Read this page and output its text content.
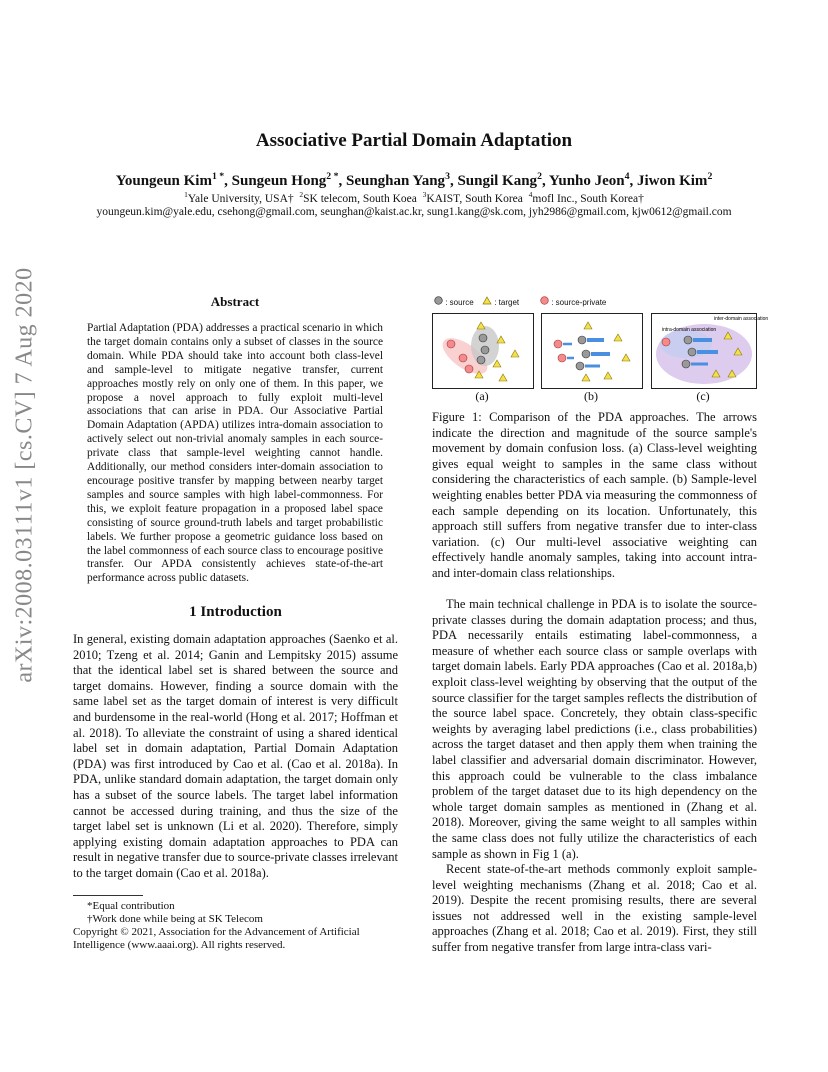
arXiv:2008.03111v1 [cs.CV] 7 Aug 2020
Associative Partial Domain Adaptation
Youngeun Kim$^{1 *}$, Sungeun Hong$^{2 *}$, Seunghan Yang$^3$, Sungil Kang$^2$, Yunho Jeon$^4$, Jiwon Kim$^2$
$^1$Yale University, USA† $^2$SK telecom, South Koea $^3$KAIST, South Korea $^4$mofl Inc., South Korea†
youngeun.kim@yale.edu, csehong@gmail.com, seunghan@kaist.ac.kr, sung1.kang@sk.com, jyh2986@gmail.com, kjw0612@gmail.com
Abstract

Partial Adaptation (PDA) addresses a practical scenario in which the target domain contains only a subset of classes in the source domain. While PDA should take into account both class-level and sample-level to mitigate negative transfer, current approaches mostly rely on only one of them. In this paper, we propose a novel approach to fully exploit multi-level associations that can arise in PDA. Our Associative Partial Domain Adaptation (APDA) utilizes intra-domain association to actively select out non-trivial anomaly samples in each source-private class that sample-level weighting cannot handle. Additionally, our method considers inter-domain association to encourage positive transfer by mapping between nearby target samples and source samples with high label-commonness. For this, we exploit feature propagation in a proposed label space consisting of source ground-truth labels and target probabilistic labels. We further propose a geometric guidance loss based on the label commonness of each source class to encourage positive transfer. Our APDA consistently achieves state-of-the-art performance across public datasets.

1 Introduction

In general, existing domain adaptation approaches (Saenko et al. 2010; Tzeng et al. 2014; Ganin and Lempitsky 2015) assume that the identical label set is shared between the source and target domains. However, finding a source domain with the same label set as the target domain of interest is very difficult and burdensome in the real-world (Hong et al. 2017; Hoffman et al. 2018). To alleviate the constraint of using a shared identical label set in domain adaptation, Partial Domain Adaptation (PDA) was first introduced by Cao et al. (Cao et al. 2018a). In PDA, unlike standard domain adaptation, the target domain only has a subset of the source labels. The target label information cannot be accessed during training, and thus the size of the target label set is unknown (Li et al. 2020). Therefore, simply applying existing domain adaptation approaches to PDA can result in negative transfer due to source-private classes irrelevant to the target domain (Cao et al. 2018a).

*Equal contribution
†Work done while being at SK Telecom
Copyright © 2021, Association for the Advancement of Artificial Intelligence (www.aaai.org). All rights reserved.
: source	: target	: source-private
(a)	(b)
inter-domain association
intra-domain association
(c)

Figure 1: Comparison of the PDA approaches. The arrows indicate the direction and magnitude of the source sample's movement by domain confusion loss. (a) Class-level weighting gives equal weight to samples in the same class without considering the characteristics of each sample. (b) Sample-level weighting enables better PDA via measuring the commonness of each sample depending on its location. Unfortunately, this approach still suffers from negative transfer due to inter-class variation. (c) Our multi-level associative weighting can effectively handle anomaly samples, taking into account intra- and inter-domain class relationships.

The main technical challenge in PDA is to isolate the source-private classes during the domain adaptation process; and thus, PDA necessarily entails estimating label-commonness, a measure of whether each source class or sample overlaps with target domain labels. Early PDA approaches (Cao et al. 2018a,b) exploit class-level weighting by observing that the output of the source classifier for the target samples reflects the distribution of the source label space. Concretely, they obtain class-specific weights by averaging label predictions (i.e., class probabilities) across the target dataset and then apply them when training the label classifier and adversarial domain discriminator. However, this approach could be vulnerable to the class imbalance problem of the target dataset due to its high dependency on the whole target domain samples as mentioned in (Zhang et al. 2018). Moreover, giving the same weight to all samples within the same class does not fully utilize the characteristics of each sample as shown in Fig 1 (a).

Recent state-of-the-art methods commonly exploit sample-level weighting mechanisms (Zhang et al. 2018; Cao et al. 2019). Despite the recent promising results, there are several issues not addressed well in the existing sample-level approaches (Zhang et al. 2018; Cao et al. 2019). First, they still suffer from negative transfer from large intra-class vari-
